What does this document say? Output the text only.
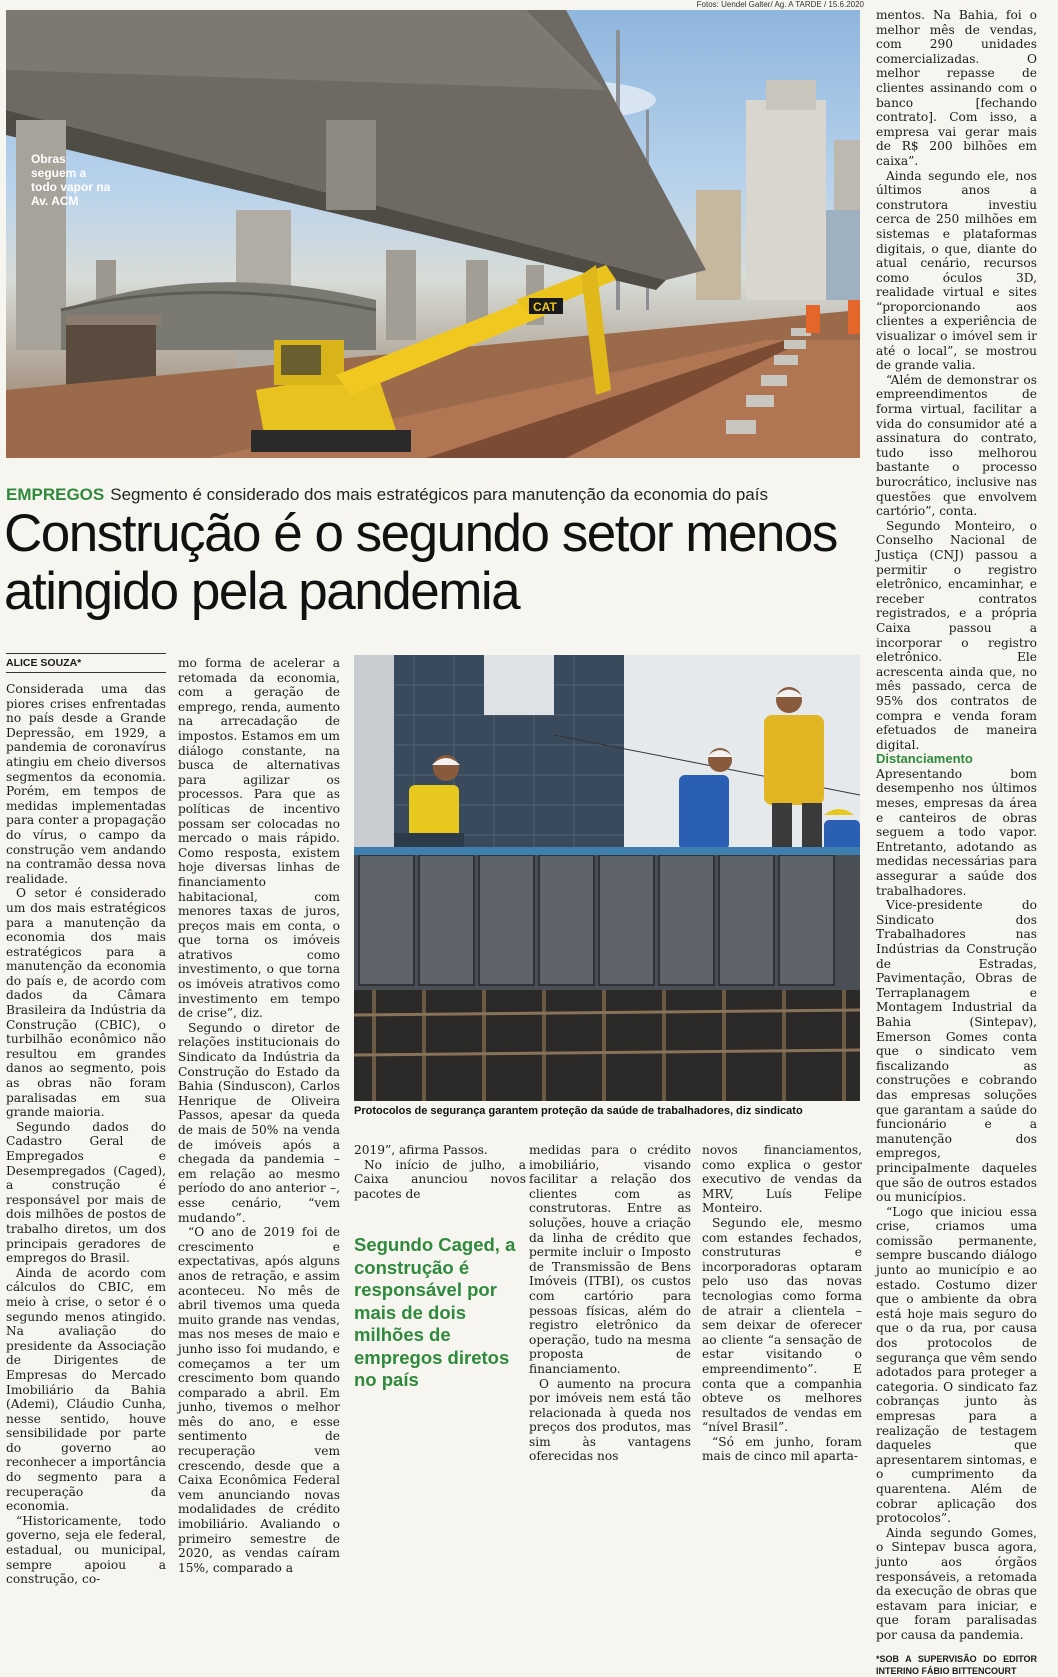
Fotos: Uendel Galter/ Ag. A TARDE / 15.6.2020
CAT
Obras seguem a todo vapor na Av. ACM
EMPREGOS Segmento é considerado dos mais estratégicos para manutenção da economia do país
Construção é o segundo setor menos atingido pela pandemia
ALICE SOUZA*

Considerada uma das piores crises enfrentadas no país desde a Grande Depressão, em 1929, a pandemia de coronavírus atingiu em cheio diversos segmentos da economia. Porém, em tempos de medidas implementadas para conter a propagação do vírus, o campo da construção vem andando na contramão dessa nova realidade.

O setor é considerado um dos mais estratégicos para a manutenção da economia dos mais estratégicos para a manutenção da economia do país e, de acordo com dados da Câmara Brasileira da Indústria da Construção (CBIC), o turbilhão econômico não resultou em grandes danos ao segmento, pois as obras não foram paralisadas em sua grande maioria.

Segundo dados do Cadastro Geral de Empregados e Desempregados (Caged), a construção é responsável por mais de dois milhões de postos de trabalho diretos, um dos principais geradores de empregos do Brasil.

Ainda de acordo com cálculos do CBIC, em meio à crise, o setor é o segundo menos atingido. Na avaliação do presidente da Associação de Dirigentes de Empresas do Mercado Imobiliário da Bahia (Ademi), Cláudio Cunha, nesse sentido, houve sensibilidade por parte do governo ao reconhecer a importância do segmento para a recuperação da economia.

“Historicamente, todo governo, seja ele federal, estadual, ou municipal, sempre apoiou a construção, co-

mo forma de acelerar a retomada da economia, com a geração de emprego, renda, aumento na arrecadação de impostos. Estamos em um diálogo constante, na busca de alternativas para agilizar os processos. Para que as políticas de incentivo possam ser colocadas no mercado o mais rápido. Como resposta, existem hoje diversas linhas de financiamento habitacional, com menores taxas de juros, preços mais em conta, o que torna os imóveis atrativos como investimento, o que torna os imóveis atrativos como investimento em tempo de crise”, diz.

Segundo o diretor de relações institucionais do Sindicato da Indústria da Construção do Estado da Bahia (Sinduscon), Carlos Henrique de Oliveira Passos, apesar da queda de mais de 50% na venda de imóveis após a chegada da pandemia – em relação ao mesmo período do ano anterior –, esse cenário, “vem mudando”.

“O ano de 2019 foi de crescimento e expectativas, após alguns anos de retração, e assim aconteceu. No mês de abril tivemos uma queda muito grande nas vendas, mas nos meses de maio e junho isso foi mudando, e começamos a ter um crescimento bom quando comparado a abril. Em junho, tivemos o melhor mês do ano, e esse sentimento de recuperação vem crescendo, desde que a Caixa Econômica Federal vem anunciando novas modalidades de crédito imobiliário. Avaliando o primeiro semestre de 2020, as vendas caíram 15%, comparado a

Protocolos de segurança garantem proteção da saúde de trabalhadores, diz sindicato

2019”, afirma Passos.

No início de julho, a Caixa anunciou novos pacotes de

Segundo Caged, a construção é responsável por mais de dois milhões de empregos diretos no país

medidas para o crédito imobiliário, visando facilitar a relação dos clientes com as construtoras. Entre as soluções, houve a criação da linha de crédito que permite incluir o Imposto de Transmissão de Bens Imóveis (ITBI), os custos com cartório para pessoas físicas, além do registro eletrônico da operação, tudo na mesma proposta de financiamento.

O aumento na procura por imóveis nem está tão relacionada à queda nos preços dos produtos, mas sim às vantagens oferecidas nos

novos financiamentos, como explica o gestor executivo de vendas da MRV, Luís Felipe Monteiro.

Segundo ele, mesmo com estandes fechados, construturas e incorporadoras optaram pelo uso das novas tecnologias como forma de atrair a clientela – sem deixar de oferecer ao cliente “a sensação de estar visitando o empreendimento”. E conta que a companhia obteve os melhores resultados de vendas em “nível Brasil”.

“Só em junho, foram mais de cinco mil aparta-

mentos. Na Bahia, foi o melhor mês de vendas, com 290 unidades comercializadas. O melhor repasse de clientes assinando com o banco [fechando contrato]. Com isso, a empresa vai gerar mais de R$ 200 bilhões em caixa”.

Ainda segundo ele, nos últimos anos a construtora investiu cerca de 250 milhões em sistemas e plataformas digitais, o que, diante do atual cenário, recursos como óculos 3D, realidade virtual e sites “proporcionando aos clientes a experiência de visualizar o imóvel sem ir até o local”, se mostrou de grande valia.

“Além de demonstrar os empreendimentos de forma virtual, facilitar a vida do consumidor até a assinatura do contrato, tudo isso melhorou bastante o processo burocrático, inclusive nas questões que envolvem cartório”, conta.

Segundo Monteiro, o Conselho Nacional de Justiça (CNJ) passou a permitir o registro eletrônico, encaminhar, e receber contratos registrados, e a própria Caixa passou a incorporar o registro eletrônico. Ele acrescenta ainda que, no mês passado, cerca de 95% dos contratos de compra e venda foram efetuados de maneira digital.

Distanciamento

Apresentando bom desempenho nos últimos meses, empresas da área e canteiros de obras seguem a todo vapor. Entretanto, adotando as medidas necessárias para assegurar a saúde dos trabalhadores.

Vice-presidente do Sindicato dos Trabalhadores nas Indústrias da Construção de Estradas, Pavimentação, Obras de Terraplanagem e Montagem Industrial da Bahia (Sintepav), Emerson Gomes conta que o sindicato vem fiscalizando as construções e cobrando das empresas soluções que garantam a saúde do funcionário e a manutenção dos empregos, principalmente daqueles que são de outros estados ou municípios.

“Logo que iniciou essa crise, criamos uma comissão permanente, sempre buscando diálogo junto ao município e ao estado. Costumo dizer que o ambiente da obra está hoje mais seguro do que o da rua, por causa dos protocolos de segurança que vêm sendo adotados para proteger a categoria. O sindicato faz cobranças junto às empresas para a realização de testagem daqueles que apresentarem sintomas, e o cumprimento da quarentena. Além de cobrar aplicação dos protocolos”.

Ainda segundo Gomes, o Sintepav busca agora, junto aos órgãos responsáveis, a retomada da execução de obras que estavam para iniciar, e que foram paralisadas por causa da pandemia.

*SOB A SUPERVISÃO DO EDITOR INTERINO FÁBIO BITTENCOURT
